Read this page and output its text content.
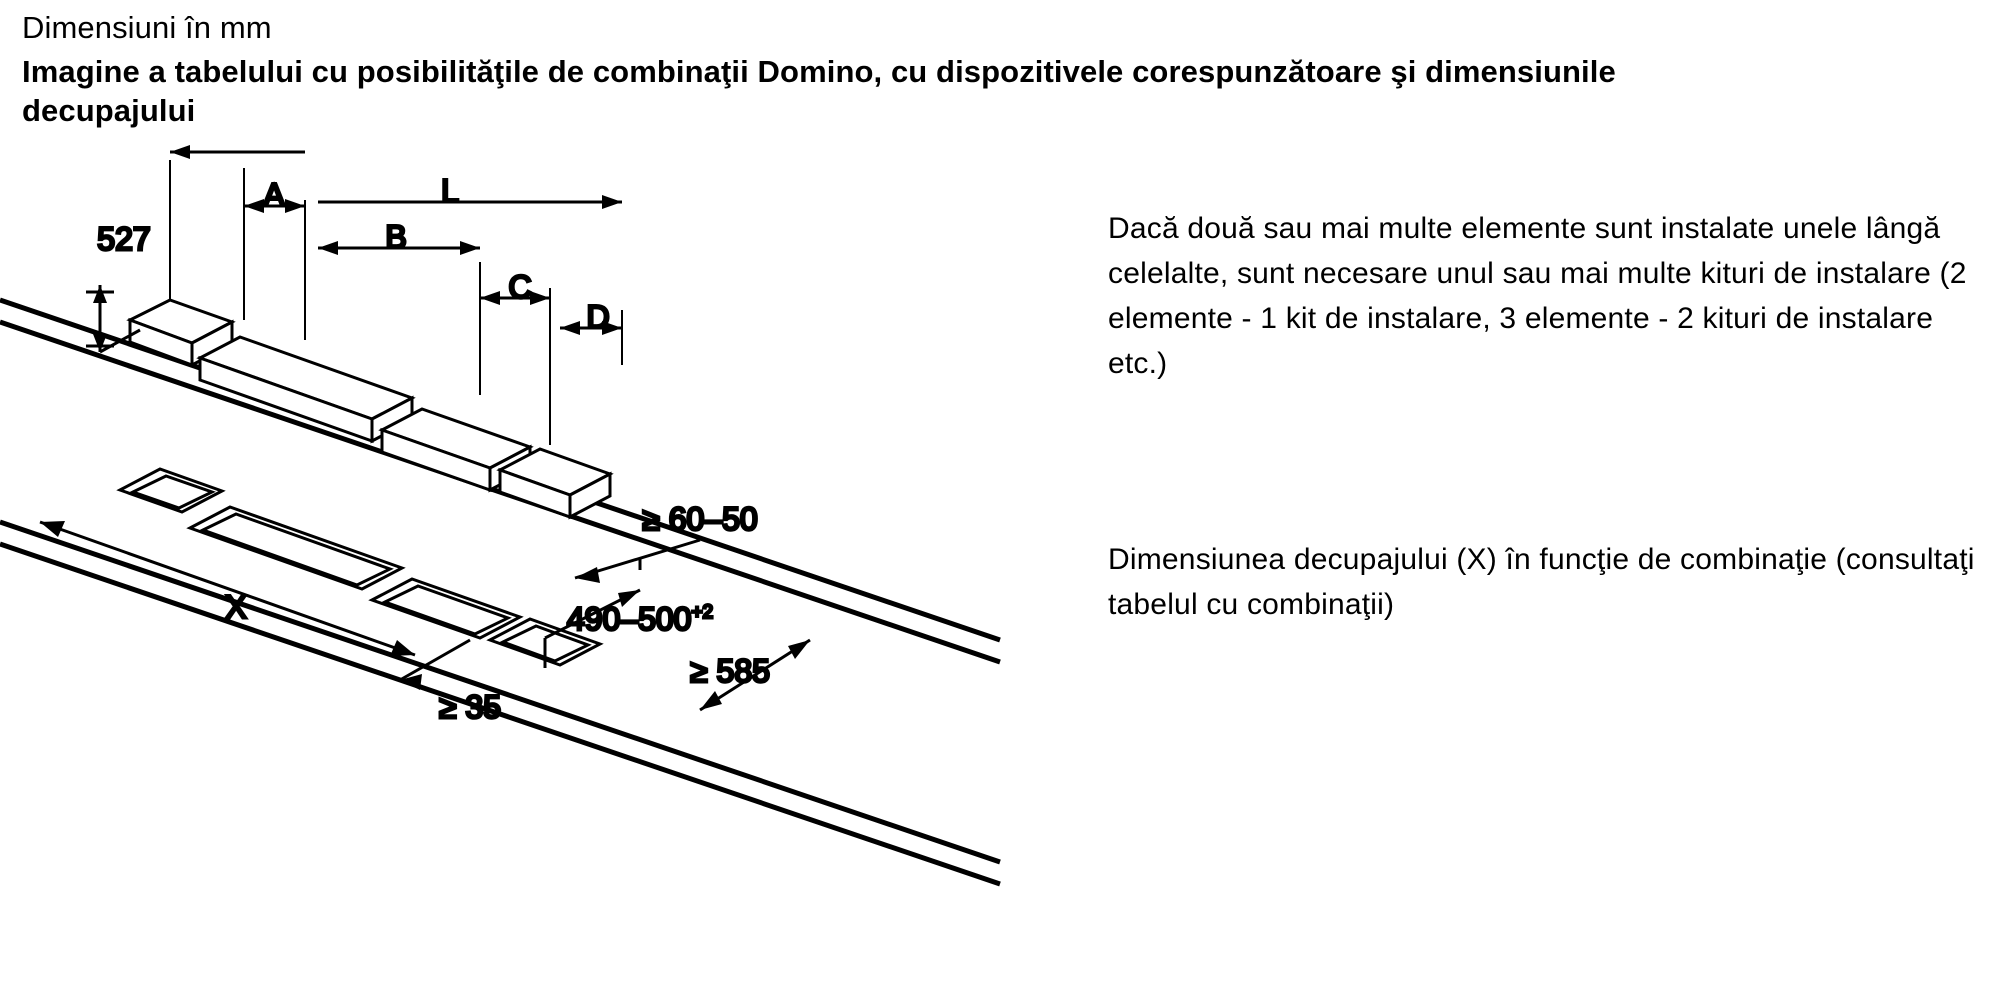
Dimensiuni în mm
Imagine a tabelului cu posibilităţile de combinaţii Domino, cu dispozitivele corespunzătoare şi dimensiunile decupajului
Dacă două sau mai multe elemente sunt instalate unele lângă celelalte, sunt necesare unul sau mai multe kituri de instalare (2 elemente - 1 kit de instalare, 3 elemente - 2 kituri de instalare etc.)
Dimensiunea decupajului (X) în funcţie de combinaţie (consultaţi tabelul cu combinaţii)
527
A	L
B
C
D
X
≥ 60–50
$490-500^{+2}$
≥ 585
≥ 35
